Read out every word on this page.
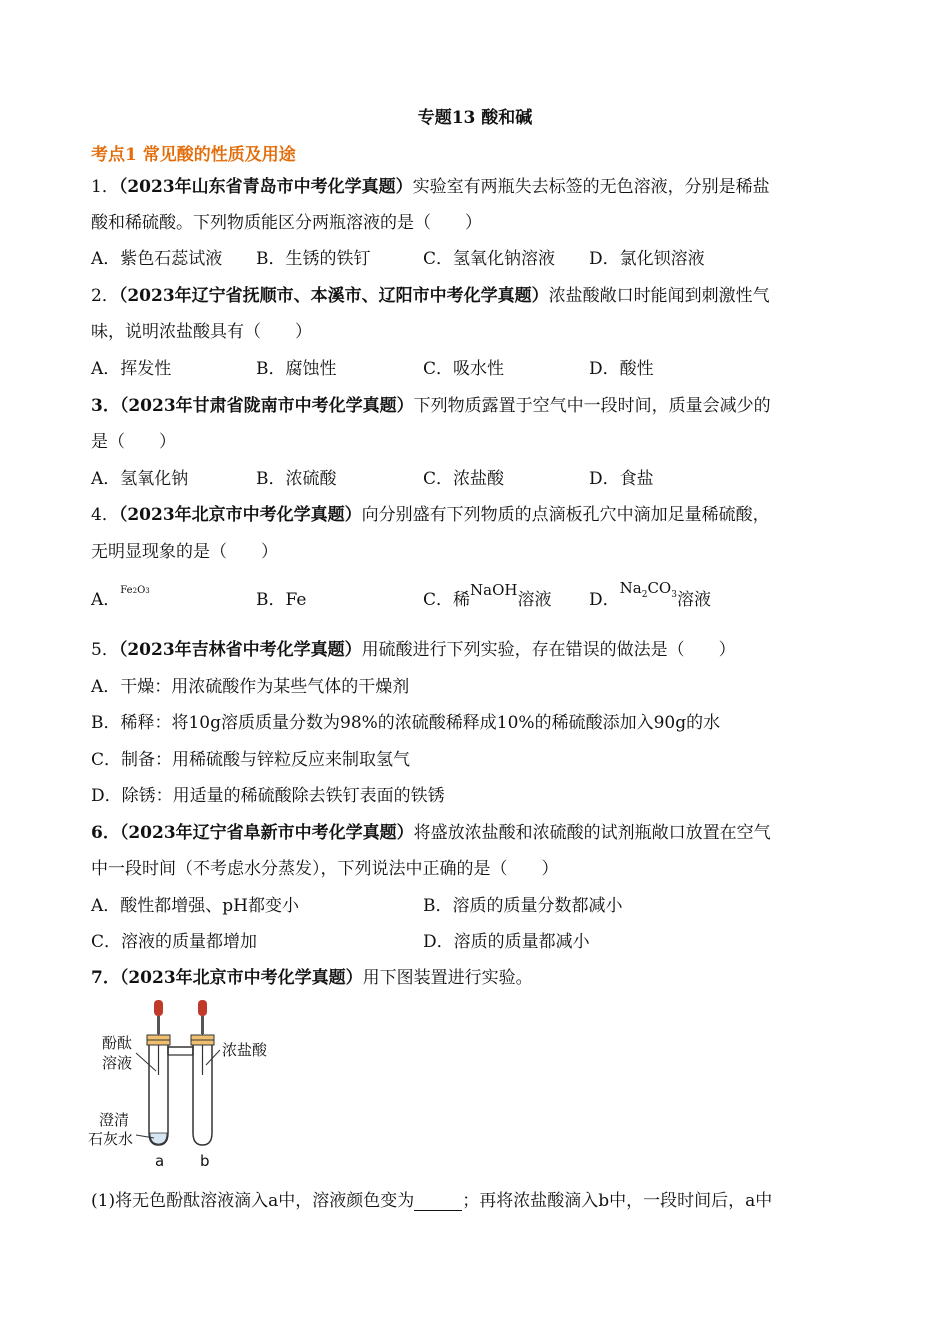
专题13 酸和碱
考点1 常见酸的性质及用途
1．（2023年山东省青岛市中考化学真题）实验室有两瓶失去标签的无色溶液，分别是稀盐
酸和稀硫酸。下列物质能区分两瓶溶液的是（　　）
A．紫色石蕊试液 B．生锈的铁钉	C．氢氧化钠溶液 D．氯化钡溶液
2．（2023年辽宁省抚顺市、本溪市、辽阳市中考化学真题）浓盐酸敞口时能闻到刺激性气
味，说明浓盐酸具有（　　）
A．挥发性	B．腐蚀性	C．吸水性	D．酸性
3．（2023年甘肃省陇南市中考化学真题）下列物质露置于空气中一段时间，质量会减少的
是（　　）
A．氢氧化钠	B．浓硫酸	C．浓盐酸	D．食盐
4．（2023年北京市中考化学真题）向分别盛有下列物质的点滴板孔穴中滴加足量稀硫酸，
无明显现象的是（　　）
A．$^{Fe2O3}$	B．Fe	C．稀NaOH溶液 D．$Na_2CO_3$溶液
5．（2023年吉林省中考化学真题）用硫酸进行下列实验，存在错误的做法是（　　）
A．干燥：用浓硫酸作为某些气体的干燥剂
B．稀释：将10g溶质质量分数为98%的浓硫酸稀释成10%的稀硫酸添加入90g的水
C．制备：用稀硫酸与锌粒反应来制取氢气
D．除锈：用适量的稀硫酸除去铁钉表面的铁锈
6．（2023年辽宁省阜新市中考化学真题）将盛放浓盐酸和浓硫酸的试剂瓶敞口放置在空气
中一段时间（不考虑水分蒸发），下列说法中正确的是（　　）
A．酸性都增强、pH都变小	B．溶质的质量分数都减小
C．溶液的质量都增加	D．溶质的质量都减小
7．（2023年北京市中考化学真题）用下图装置进行实验。
酚酞
溶液
浓盐酸
澄清
石灰水
a b
(1)将无色酚酞溶液滴入a中，溶液颜色变为	；再将浓盐酸滴入b中，一段时间后，a中
